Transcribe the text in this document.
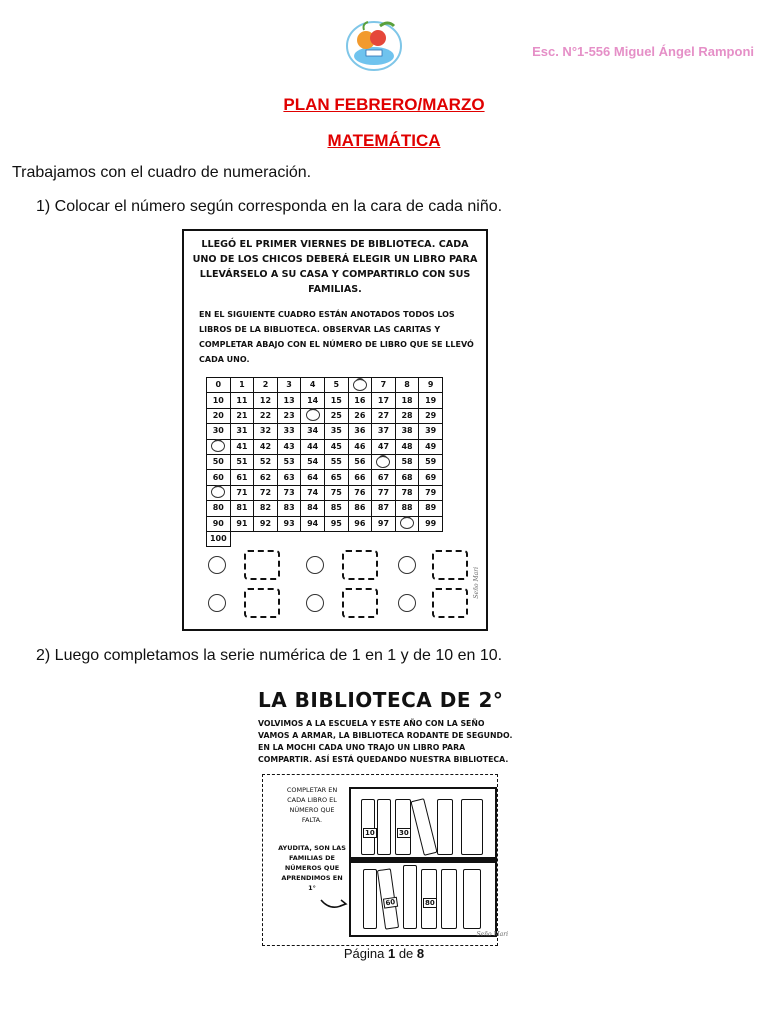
Esc. N°1-556 Miguel Ángel Ramponi
PLAN FEBRERO/MARZO
MATEMÁTICA
Trabajamos con el cuadro de numeración.
1) Colocar el número según corresponda en la cara de cada niño.
LLEGÓ EL PRIMER VIERNES DE BIBLIOTECA. CADA UNO DE LOS CHICOS DEBERÁ ELEGIR UN LIBRO PARA LLEVÁRSELO A SU CASA Y COMPARTIRLO CON SUS FAMILIAS.
EN EL SIGUIENTE CUADRO ESTÁN ANOTADOS TODOS LOS LIBROS DE LA BIBLIOTECA. OBSERVAR LAS CARITAS Y COMPLETAR ABAJO CON EL NÚMERO DE LIBRO QUE SE LLEVÓ CADA UNO.
0	1	2	3	4	5		7	8	9
10	11	12	13	14	15	16	17	18	19
20	21	22	23		25	26	27	28	29
30	31	32	33	34	35	36	37	38	39
	41	42	43	44	45	46	47	48	49
50	51	52	53	54	55	56		58	59
60	61	62	63	64	65	66	67	68	69
	71	72	73	74	75	76	77	78	79
80	81	82	83	84	85	86	87	88	89
90	91	92	93	94	95	96	97		99
100									
Seño Mari
2) Luego completamos la serie numérica de 1 en 1 y de 10 en 10.
LA BIBLIOTECA DE 2°
VOLVIMOS A LA ESCUELA Y ESTE AÑO CON LA SEÑO VAMOS A ARMAR, LA BIBLIOTECA RODANTE DE SEGUNDO. EN LA MOCHI CADA UNO TRAJO UN LIBRO PARA COMPARTIR. ASÍ ESTÁ QUEDANDO NUESTRA BIBLIOTECA.
COMPLETAR EN CADA LIBRO EL NÚMERO QUE FALTA.
AYUDITA, SON LAS FAMILIAS DE NÚMEROS QUE APRENDIMOS EN 1°
10	30
60	80
Seño Mari
Página 1 de 8
